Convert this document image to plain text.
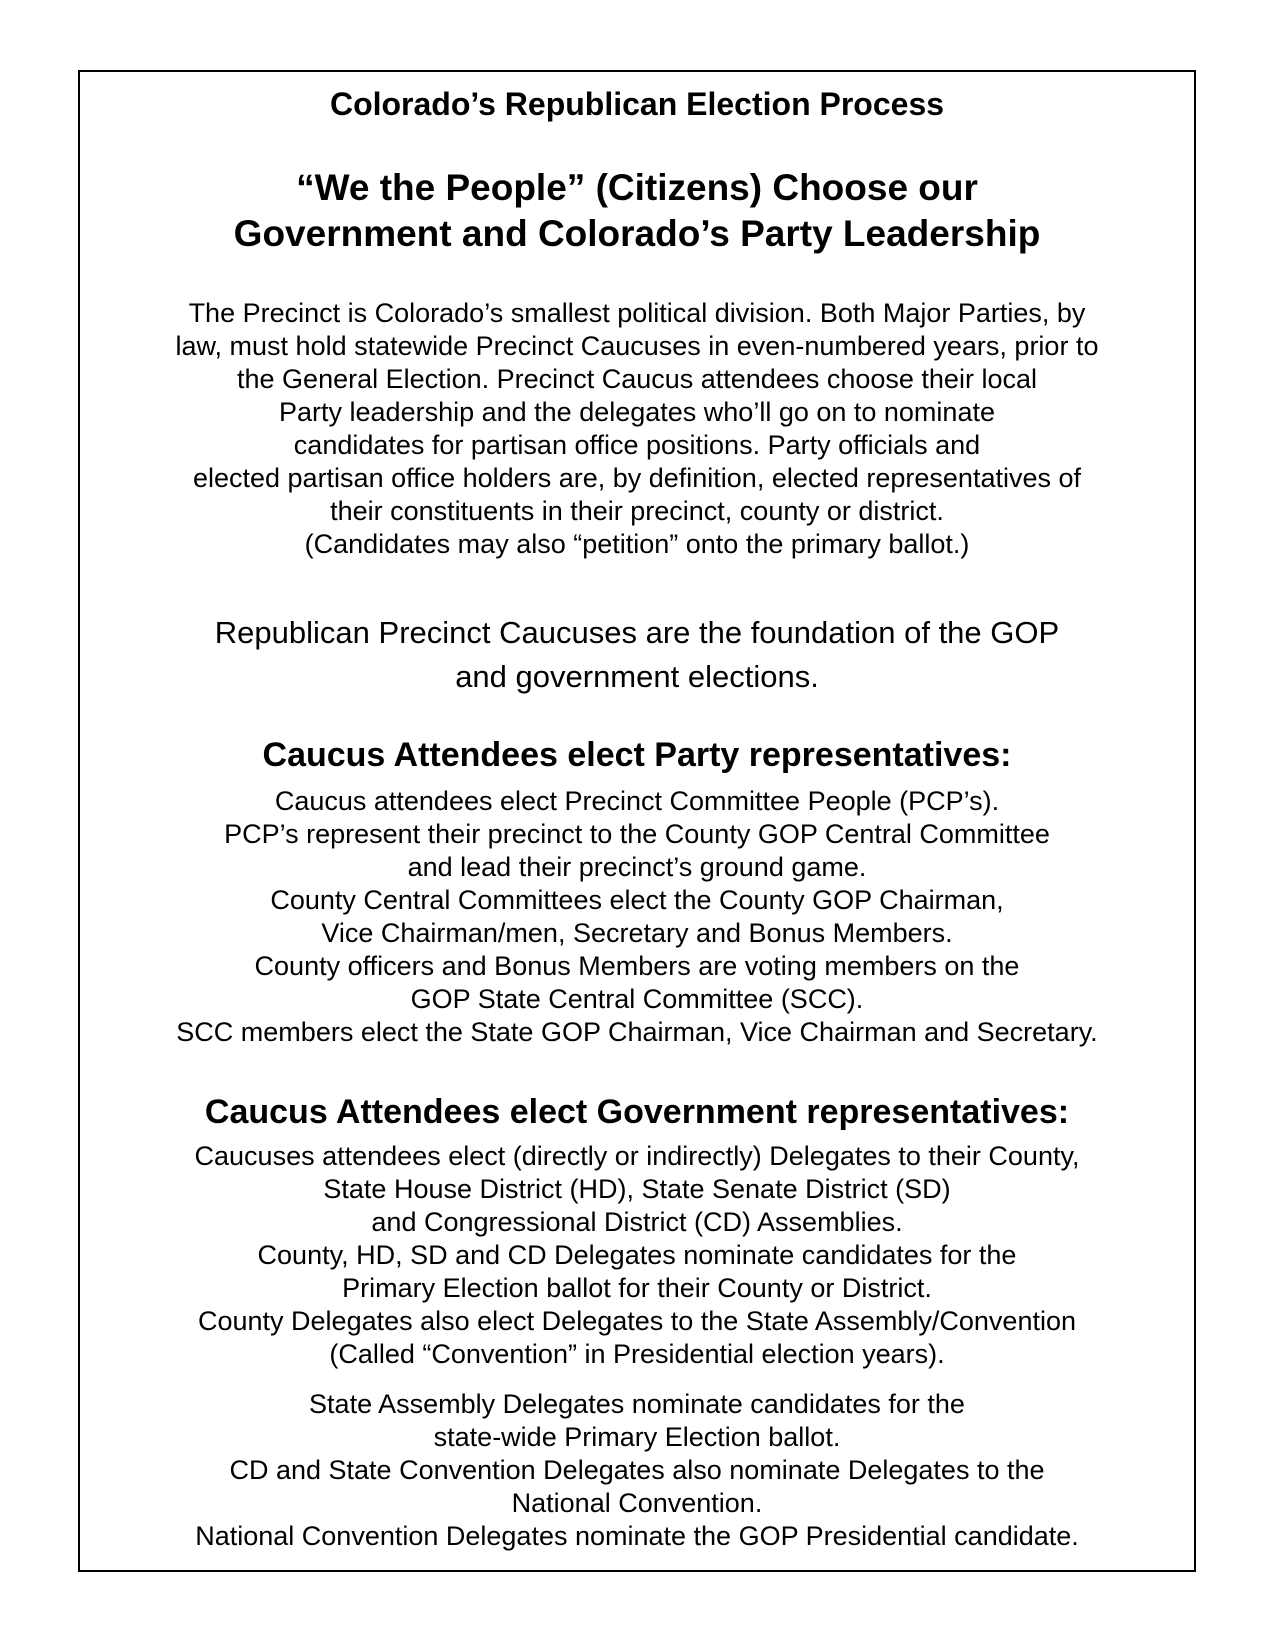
Colorado’s Republican Election Process
“We the People” (Citizens) Choose our
Government and Colorado’s Party Leadership
The Precinct is Colorado’s smallest political division. Both Major Parties, by
law, must hold statewide Precinct Caucuses in even-numbered years, prior to
the General Election. Precinct Caucus attendees choose their local
Party leadership and the delegates who’ll go on to nominate
candidates for partisan office positions. Party officials and
elected partisan office holders are, by definition, elected representatives of
their constituents in their precinct, county or district.
(Candidates may also “petition” onto the primary ballot.)
Republican Precinct Caucuses are the foundation of the GOP
and government elections.
Caucus Attendees elect Party representatives:
Caucus attendees elect Precinct Committee People (PCP’s).
PCP’s represent their precinct to the County GOP Central Committee
and lead their precinct’s ground game.
County Central Committees elect the County GOP Chairman,
Vice Chairman/men, Secretary and Bonus Members.
County officers and Bonus Members are voting members on the
GOP State Central Committee (SCC).
SCC members elect the State GOP Chairman, Vice Chairman and Secretary.
Caucus Attendees elect Government representatives:
Caucuses attendees elect (directly or indirectly) Delegates to their County,
State House District (HD), State Senate District (SD)
and Congressional District (CD) Assemblies.
County, HD, SD and CD Delegates nominate candidates for the
Primary Election ballot for their County or District.
County Delegates also elect Delegates to the State Assembly/Convention
(Called “Convention” in Presidential election years).
State Assembly Delegates nominate candidates for the
state-wide Primary Election ballot.
CD and State Convention Delegates also nominate Delegates to the
National Convention.
National Convention Delegates nominate the GOP Presidential candidate.
